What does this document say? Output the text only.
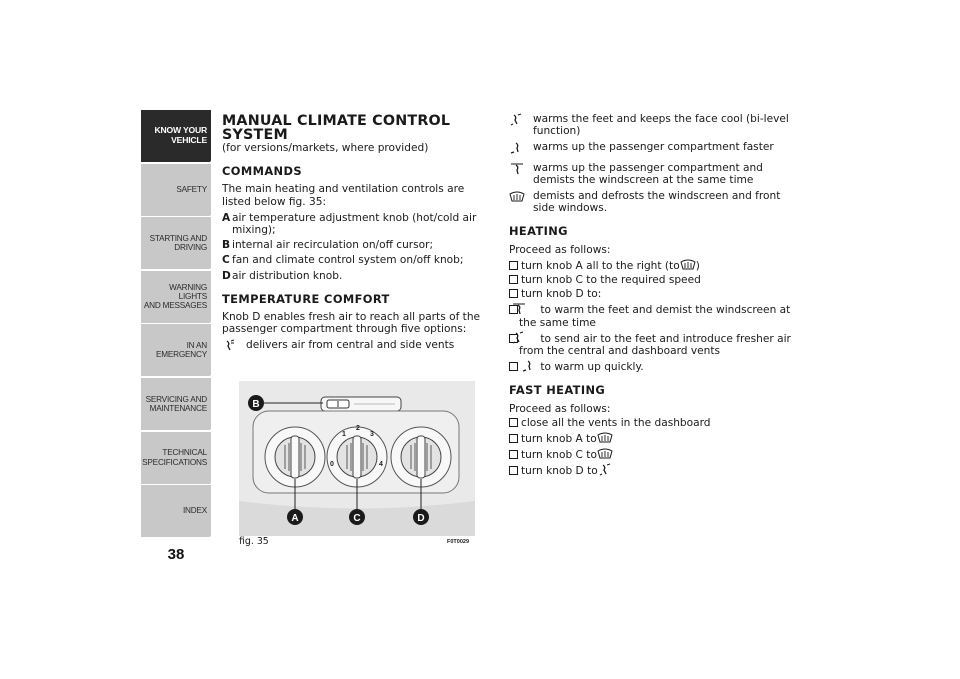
KNOW YOUR
VEHICLE
SAFETY
STARTING AND
DRIVING
WARNING LIGHTS
AND MESSAGES
IN AN EMERGENCY
SERVICING AND
MAINTENANCE
TECHNICAL
SPECIFICATIONS
INDEX
38
MANUAL CLIMATE CONTROL SYSTEM
(for versions/markets, where provided)
COMMANDS
The main heating and ventilation controls are listed below fig. 35:
A air temperature adjustment knob (hot/cold air mixing);
B internal air recirculation on/off cursor;
C fan and climate control system on/off knob;
D air distribution knob.
TEMPERATURE COMFORT
Knob D enables fresh air to reach all parts of the passenger compartment through five options:
delivers air from central and side vents
0
1
2
3
4
B
A	C	D
fig. 35	F0T0029
warms the feet and keeps the face cool (bi-level function)
warms up the passenger compartment faster
warms up the passenger compartment and demists the windscreen at the same time
demists and defrosts the windscreen and front side windows.
HEATING
Proceed as follows:
turn knob A all to the right (to )
turn knob C to the required speed
turn knob D to:
to warm the feet and demist the windscreen at the same time
to send air to the feet and introduce fresher air from the central and dashboard vents
to warm up quickly.
FAST HEATING
Proceed as follows:
close all the vents in the dashboard
turn knob A to
turn knob C to
turn knob D to
